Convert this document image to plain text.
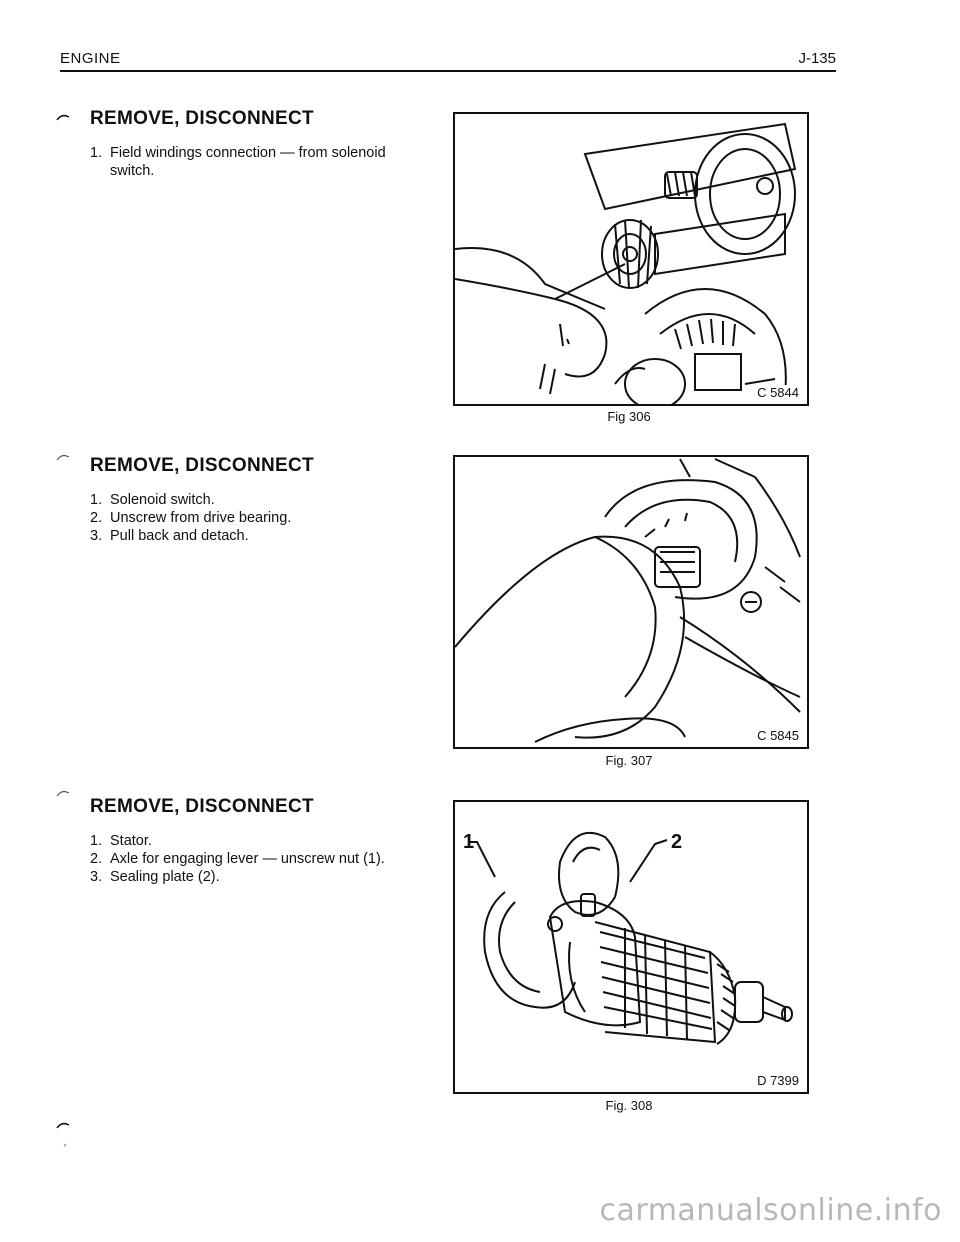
ENGINE	J-135
REMOVE, DISCONNECT
1. Field windings connection — from solenoid switch.
REMOVE, DISCONNECT
1. Solenoid switch.
2. Unscrew from drive bearing.
3. Pull back and detach.
REMOVE, DISCONNECT
1. Stator.
2. Axle for engaging lever — unscrew nut (1).
3. Sealing plate (2).
C 5844
Fig 306
C 5845
Fig. 307
1	2
D 7399
Fig. 308
carmanualsonline.info
